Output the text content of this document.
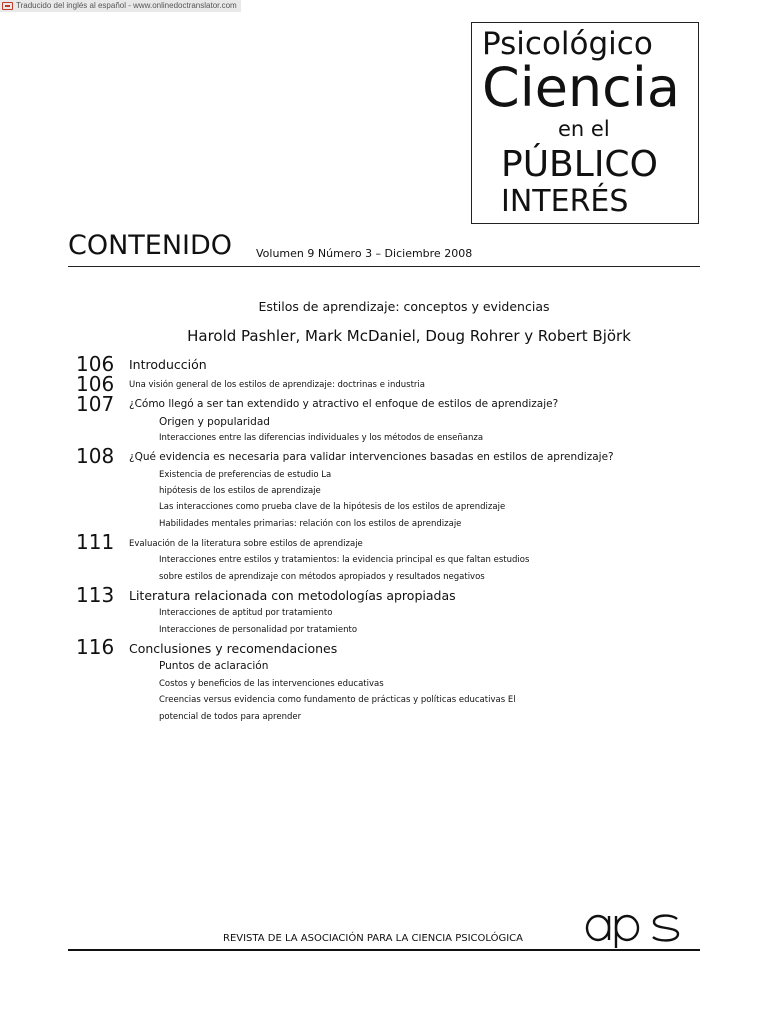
Traducido del inglés al español - www.onlinedoctranslator.com
Psicológico
Ciencia
en el
PÚBLICO
INTERÉS
CONTENIDO Volumen 9 Número 3 – Diciembre 2008
Estilos de aprendizaje: conceptos y evidencias
Harold Pashler, Mark McDaniel, Doug Rohrer y Robert Björk
106 Introducción
106 Una visión general de los estilos de aprendizaje: doctrinas e industria
107 ¿Cómo llegó a ser tan extendido y atractivo el enfoque de estilos de aprendizaje?
Origen y popularidad
Interacciones entre las diferencias individuales y los métodos de enseñanza
108 ¿Qué evidencia es necesaria para validar intervenciones basadas en estilos de aprendizaje?
Existencia de preferencias de estudio La
hipótesis de los estilos de aprendizaje
Las interacciones como prueba clave de la hipótesis de los estilos de aprendizaje
Habilidades mentales primarias: relación con los estilos de aprendizaje
111 Evaluación de la literatura sobre estilos de aprendizaje
Interacciones entre estilos y tratamientos: la evidencia principal es que faltan estudios
sobre estilos de aprendizaje con métodos apropiados y resultados negativos
113 Literatura relacionada con metodologías apropiadas
Interacciones de aptitud por tratamiento
Interacciones de personalidad por tratamiento
116 Conclusiones y recomendaciones
Puntos de aclaración
Costos y beneficios de las intervenciones educativas
Creencias versus evidencia como fundamento de prácticas y políticas educativas El
potencial de todos para aprender
REVISTA DE LA ASOCIACIÓN PARA LA CIENCIA PSICOLÓGICA
